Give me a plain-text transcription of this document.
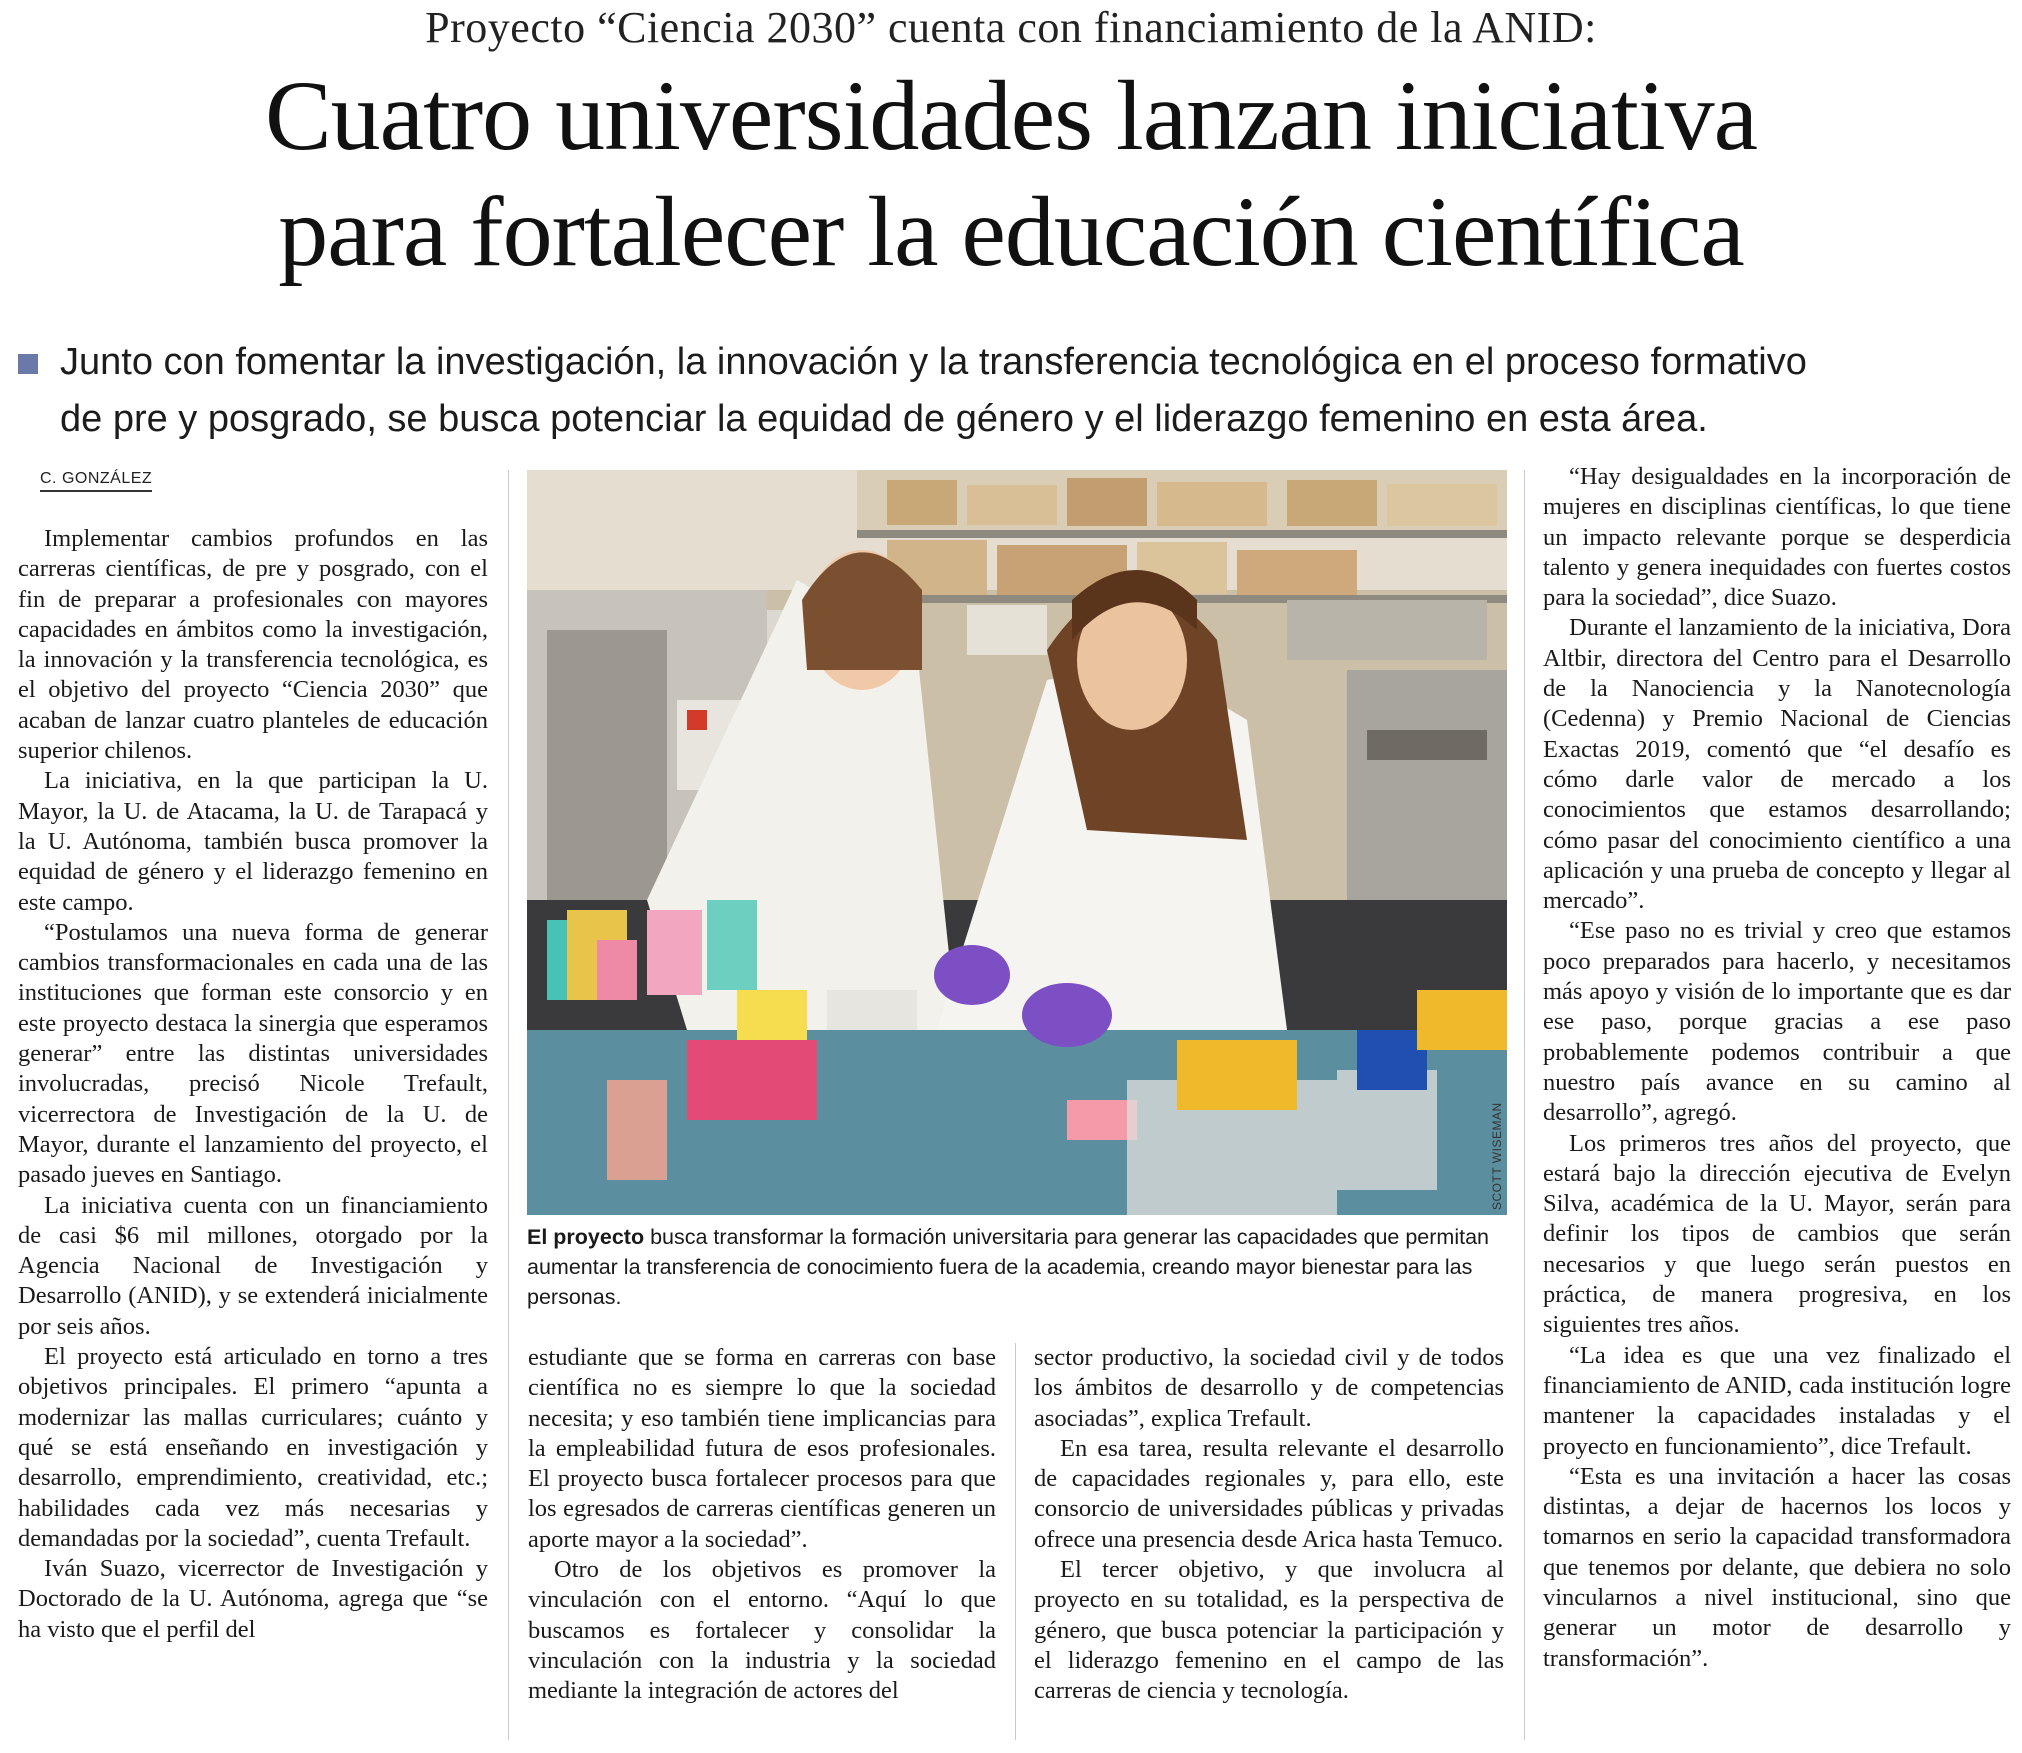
Proyecto “Ciencia 2030” cuenta con financiamiento de la ANID:
Cuatro universidades lanzan iniciativa
para fortalecer la educación científica
Junto con fomentar la investigación, la innovación y la transferencia tecnológica en el proceso formativo
de pre y posgrado, se busca potenciar la equidad de género y el liderazgo femenino en esta área.
C. GONZÁLEZ

Implementar cambios profundos en las carreras científicas, de pre y posgrado, con el fin de preparar a profesionales con mayores capacidades en ámbitos como la investigación, la innovación y la transferencia tecnológica, es el objetivo del proyecto “Ciencia 2030” que acaban de lanzar cuatro planteles de educación superior chilenos.

La iniciativa, en la que participan la U. Mayor, la U. de Atacama, la U. de Tarapacá y la U. Autónoma, también busca promover la equidad de género y el liderazgo femenino en este campo.

“Postulamos una nueva forma de generar cambios transformacionales en cada una de las instituciones que forman este consorcio y en este proyecto destaca la sinergia que esperamos generar” entre las distintas universidades involucradas, precisó Nicole Trefault, vicerrectora de Investigación de la U. de Mayor, durante el lanzamiento del proyecto, el pasado jueves en Santiago.

La iniciativa cuenta con un financiamiento de casi $6 mil millones, otorgado por la Agencia Nacional de Investigación y Desarrollo (ANID), y se extenderá inicialmente por seis años.

El proyecto está articulado en torno a tres objetivos principales. El primero “apunta a modernizar las mallas curriculares; cuánto y qué se está enseñando en investigación y desarrollo, emprendimiento, creatividad, etc.; habilidades cada vez más necesarias y demandadas por la sociedad”, cuenta Trefault.

Iván Suazo, vicerrector de Investigación y Doctorado de la U. Autónoma, agrega que “se ha visto que el perfil del

SCOTT WISEMAN
El proyecto busca transformar la formación universitaria para generar las capacidades que permitan aumentar la transferencia de conocimiento fuera de la academia, creando mayor bienestar para las personas.

estudiante que se forma en carreras con base científica no es siempre lo que la sociedad necesita; y eso también tiene implicancias para la empleabilidad futura de esos profesionales. El proyecto busca fortalecer procesos para que los egresados de carreras científicas generen un aporte mayor a la sociedad”.

Otro de los objetivos es promover la vinculación con el entorno. “Aquí lo que buscamos es fortalecer y consolidar la vinculación con la industria y la sociedad mediante la integración de actores del

sector productivo, la sociedad civil y de todos los ámbitos de desarrollo y de competencias asociadas”, explica Trefault.

En esa tarea, resulta relevante el desarrollo de capacidades regionales y, para ello, este consorcio de universidades públicas y privadas ofrece una presencia desde Arica hasta Temuco.

El tercer objetivo, y que involucra al proyecto en su totalidad, es la perspectiva de género, que busca potenciar la participación y el liderazgo femenino en el campo de las carreras de ciencia y tecnología.

“Hay desigualdades en la incorporación de mujeres en disciplinas científicas, lo que tiene un impacto relevante porque se desperdicia talento y genera inequidades con fuertes costos para la sociedad”, dice Suazo.

Durante el lanzamiento de la iniciativa, Dora Altbir, directora del Centro para el Desarrollo de la Nanociencia y la Nanotecnología (Cedenna) y Premio Nacional de Ciencias Exactas 2019, comentó que “el desafío es cómo darle valor de mercado a los conocimientos que estamos desarrollando; cómo pasar del conocimiento científico a una aplicación y una prueba de concepto y llegar al mercado”.

“Ese paso no es trivial y creo que estamos poco preparados para hacerlo, y necesitamos más apoyo y visión de lo importante que es dar ese paso, porque gracias a ese paso probablemente podemos contribuir a que nuestro país avance en su camino al desarrollo”, agregó.

Los primeros tres años del proyecto, que estará bajo la dirección ejecutiva de Evelyn Silva, académica de la U. Mayor, serán para definir los tipos de cambios que serán necesarios y que luego serán puestos en práctica, de manera progresiva, en los siguientes tres años.

“La idea es que una vez finalizado el financiamiento de ANID, cada institución logre mantener la capacidades instaladas y el proyecto en funcionamiento”, dice Trefault.

“Esta es una invitación a hacer las cosas distintas, a dejar de hacernos los locos y tomarnos en serio la capacidad transformadora que tenemos por delante, que debiera no solo vincularnos a nivel institucional, sino que generar un motor de desarrollo y transformación”.
